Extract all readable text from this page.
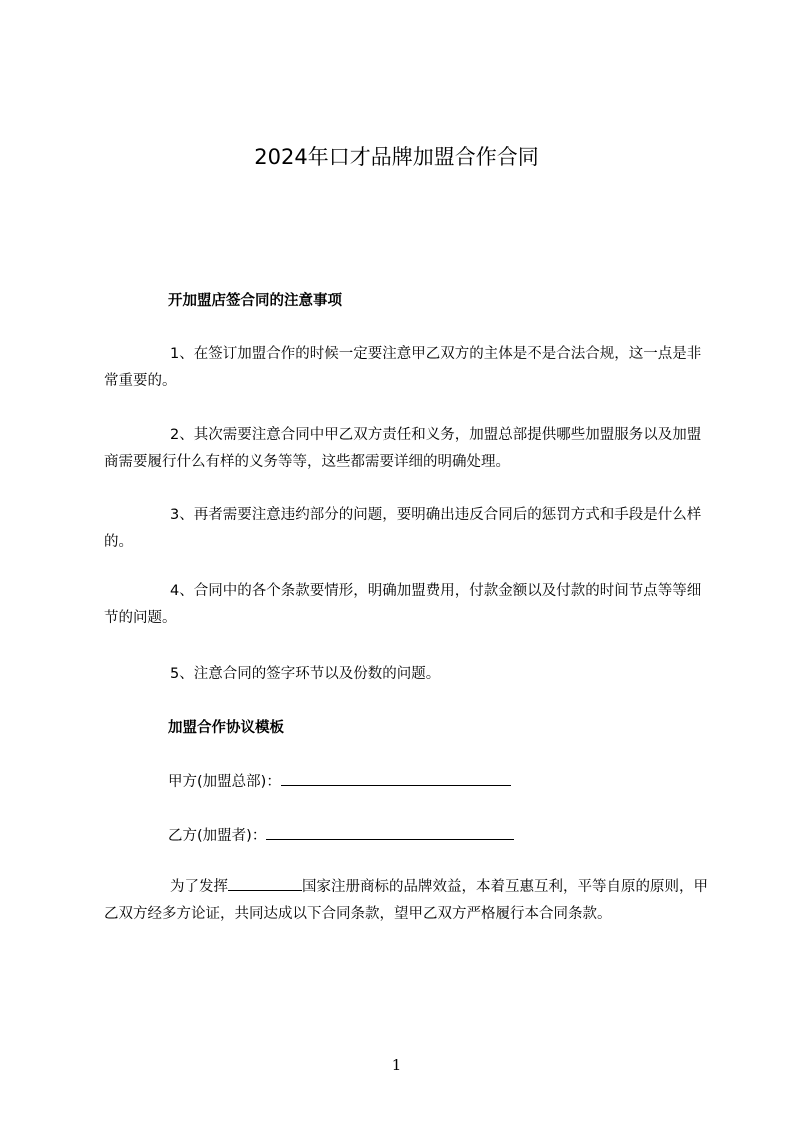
2024年口才品牌加盟合作合同
开加盟店签合同的注意事项

1、在签订加盟合作的时候一定要注意甲乙双方的主体是不是合法合规，这一点是非常重要的。

2、其次需要注意合同中甲乙双方责任和义务，加盟总部提供哪些加盟服务以及加盟商需要履行什么有样的义务等等，这些都需要详细的明确处理。

3、再者需要注意违约部分的问题，要明确出违反合同后的惩罚方式和手段是什么样的。

4、合同中的各个条款要情形，明确加盟费用，付款金额以及付款的时间节点等等细节的问题。

5、注意合同的签字环节以及份数的问题。

加盟合作协议模板
甲方(加盟总部)：
乙方(加盟者)：

为了发挥	国家注册商标的品牌效益，本着互惠互利，平等自原的原则，甲乙双方经多方论证，共同达成以下合同条款，望甲乙双方严格履行本合同条款。

1
